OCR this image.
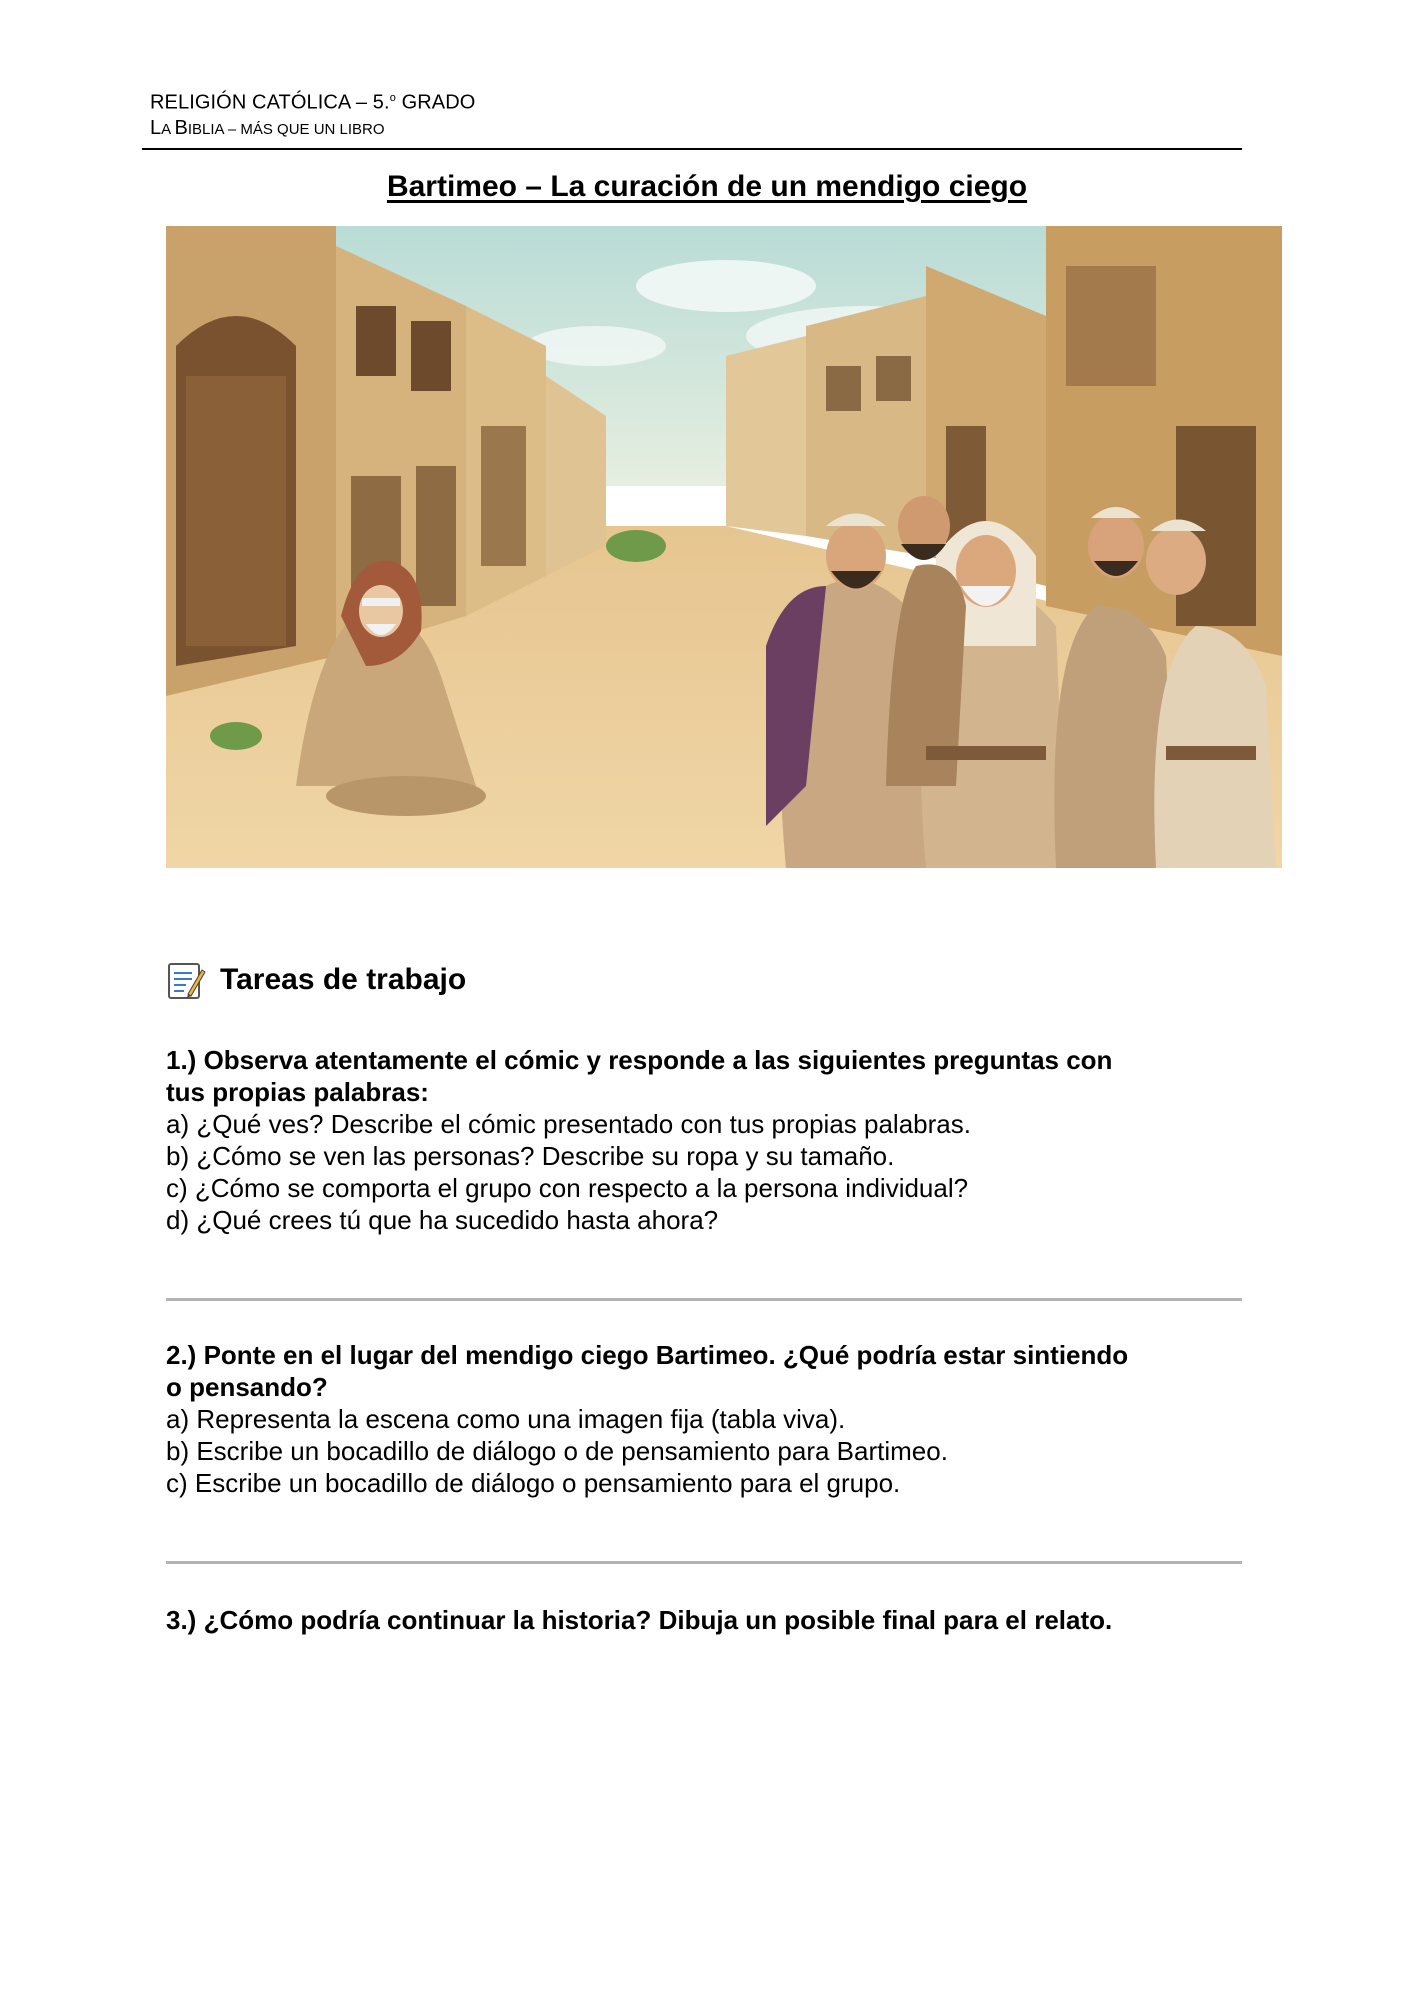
RELIGIÓN CATÓLICA – 5.$^o$ GRADO
LA BIBLIA – MÁS QUE UN LIBRO
Bartimeo – La curación de un mendigo ciego
Tareas de trabajo
1.) Observa atentamente el cómic y responde a las siguientes preguntas con
tus propias palabras:
a) ¿Qué ves? Describe el cómic presentado con tus propias palabras.
b) ¿Cómo se ven las personas? Describe su ropa y su tamaño.
c) ¿Cómo se comporta el grupo con respecto a la persona individual?
d) ¿Qué crees tú que ha sucedido hasta ahora?
2.) Ponte en el lugar del mendigo ciego Bartimeo. ¿Qué podría estar sintiendo
o pensando?
a) Representa la escena como una imagen fija (tabla viva).
b) Escribe un bocadillo de diálogo o de pensamiento para Bartimeo.
c) Escribe un bocadillo de diálogo o pensamiento para el grupo.
3.) ¿Cómo podría continuar la historia? Dibuja un posible final para el relato.
